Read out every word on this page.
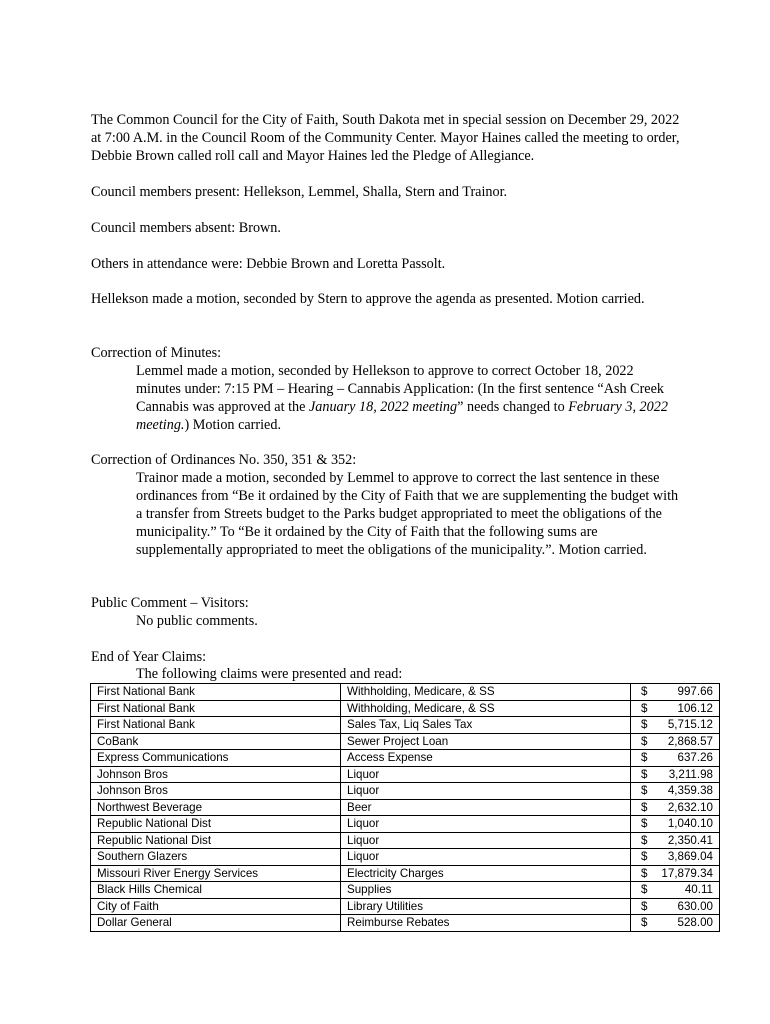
The Common Council for the City of Faith, South Dakota met in special session on December 29, 2022 at 7:00 A.M. in the Council Room of the Community Center. Mayor Haines called the meeting to order, Debbie Brown called roll call and Mayor Haines led the Pledge of Allegiance.

Council members present: Hellekson, Lemmel, Shalla, Stern and Trainor.

Council members absent: Brown.

Others in attendance were: Debbie Brown and Loretta Passolt.

Hellekson made a motion, seconded by Stern to approve the agenda as presented. Motion carried.

Correction of Minutes:

Lemmel made a motion, seconded by Hellekson to approve to correct October 18, 2022 minutes under: 7:15 PM – Hearing – Cannabis Application: (In the first sentence “Ash Creek Cannabis was approved at the January 18, 2022 meeting” needs changed to February 3, 2022 meeting.) Motion carried.

Correction of Ordinances No. 350, 351 & 352:

Trainor made a motion, seconded by Lemmel to approve to correct the last sentence in these ordinances from “Be it ordained by the City of Faith that we are supplementing the budget with a transfer from Streets budget to the Parks budget appropriated to meet the obligations of the municipality.” To “Be it ordained by the City of Faith that the following sums are supplementally appropriated to meet the obligations of the municipality.”. Motion carried.

Public Comment – Visitors:

No public comments.

End of Year Claims:

The following claims were presented and read:

First National Bank	Withholding, Medicare, & SS	$ 997.66

First National Bank	Withholding, Medicare, & SS	$ 106.12

First National Bank	Sales Tax, Liq Sales Tax	$ 5,715.12

CoBank	Sewer Project Loan	$ 2,868.57

Express Communications	Access Expense	$ 637.26

Johnson Bros	Liquor	$ 3,211.98

Johnson Bros	Liquor	$ 4,359.38

Northwest Beverage	Beer	$ 2,632.10

Republic National Dist	Liquor	$ 1,040.10

Republic National Dist	Liquor	$ 2,350.41

Southern Glazers	Liquor	$ 3,869.04

Missouri River Energy Services	Electricity Charges	$ 17,879.34

Black Hills Chemical	Supplies	$ 40.11

City of Faith	Library Utilities	$ 630.00

Dollar General	Reimburse Rebates	$ 528.00
